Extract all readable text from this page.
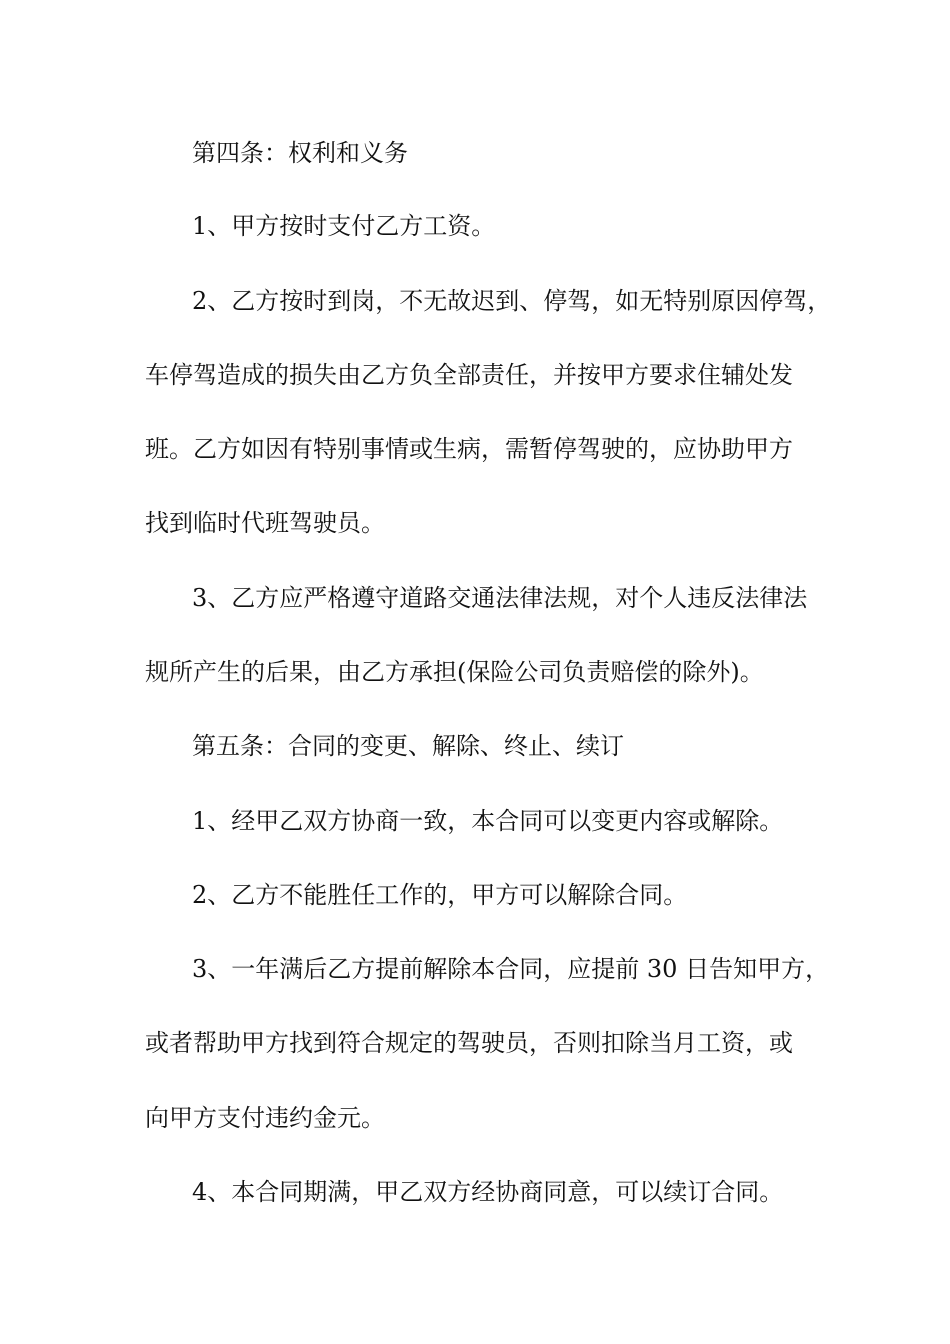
第四条：权利和义务
1、甲方按时支付乙方工资。
2、乙方按时到岗，不无故迟到、停驾，如无特别原因停驾，
车停驾造成的损失由乙方负全部责任，并按甲方要求住辅处发
班。乙方如因有特别事情或生病，需暂停驾驶的，应协助甲方
找到临时代班驾驶员。
3、乙方应严格遵守道路交通法律法规，对个人违反法律法
规所产生的后果，由乙方承担(保险公司负责赔偿的除外)。
第五条：合同的变更、解除、终止、续订
1、经甲乙双方协商一致，本合同可以变更内容或解除。
2、乙方不能胜任工作的，甲方可以解除合同。
3、一年满后乙方提前解除本合同，应提前 30 日告知甲方，
或者帮助甲方找到符合规定的驾驶员，否则扣除当月工资，或
向甲方支付违约金元。
4、本合同期满，甲乙双方经协商同意，可以续订合同。
